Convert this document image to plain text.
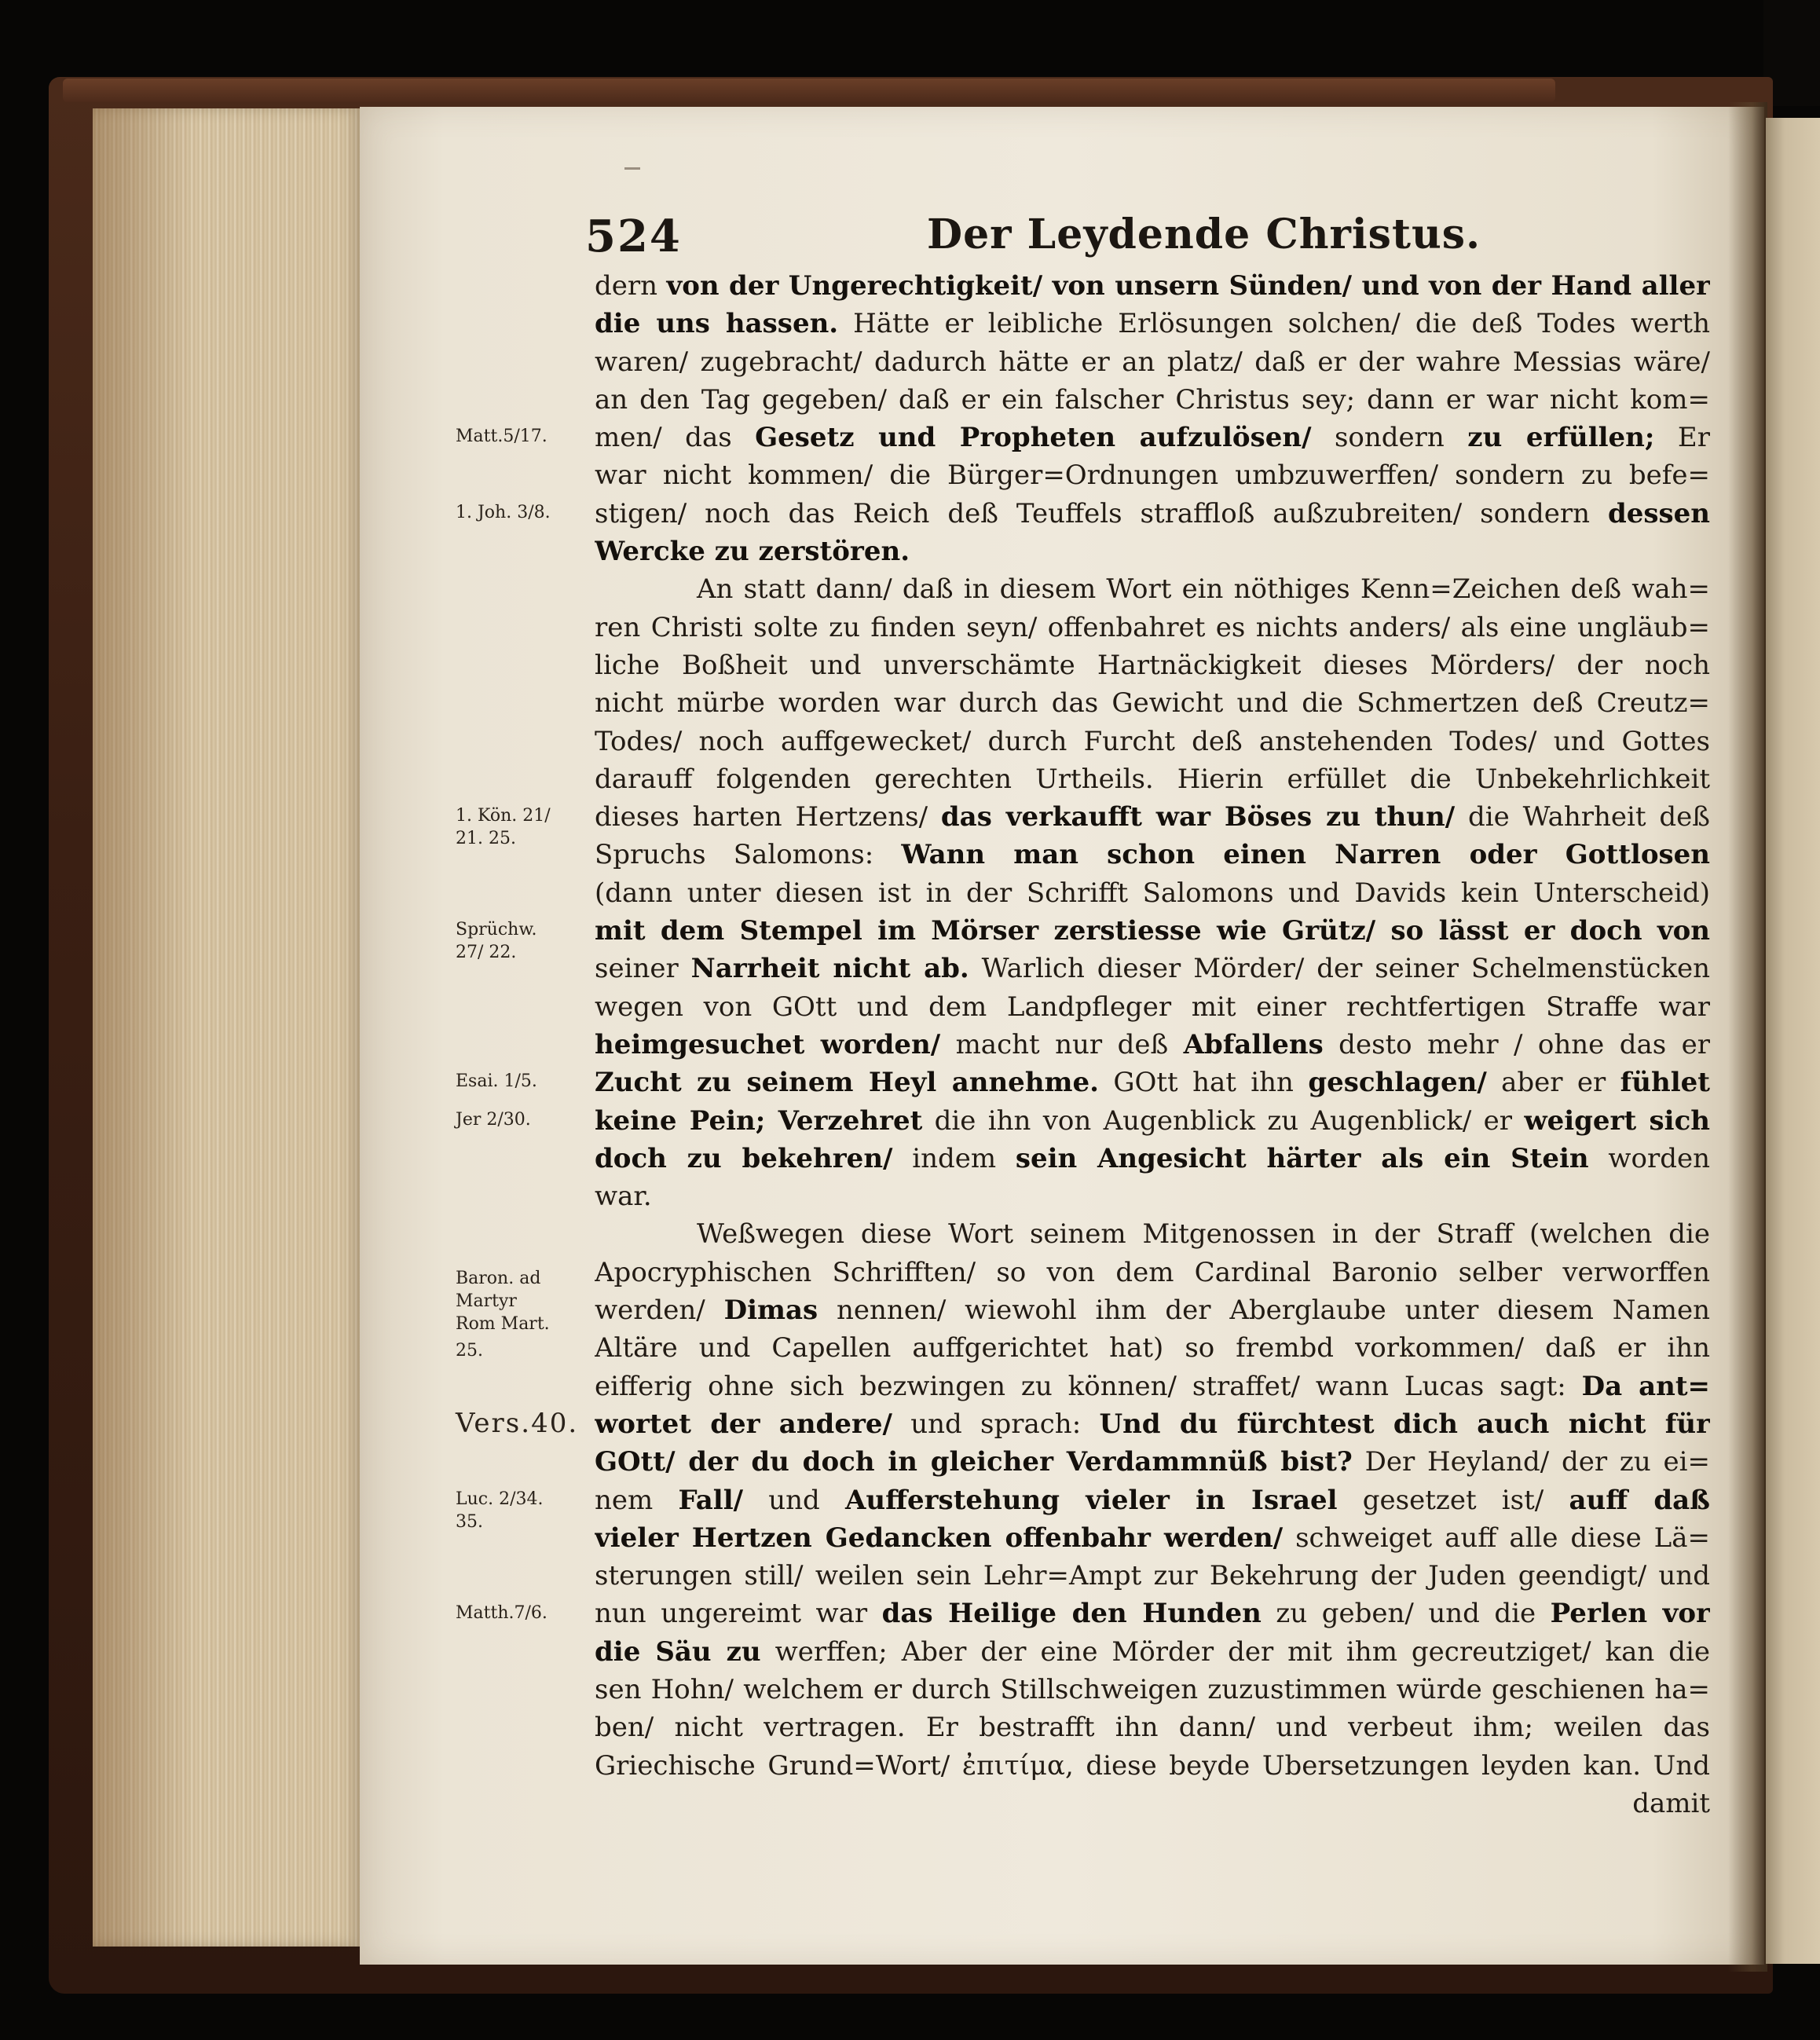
524	Der Leydende Christus.
dern von der Ungerechtigkeit/ von unsern Sünden/ und von der Hand aller
die uns hassen. Hätte er leibliche Erlösungen solchen/ die deß Todes werth
waren/ zugebracht/ dadurch hätte er an platz/ daß er der wahre Messias wäre/
an den Tag gegeben/ daß er ein falscher Christus sey; dann er war nicht kom=
men/ das Gesetz und Propheten aufzulösen/ sondern zu erfüllen; Er
war nicht kommen/ die Bürger=Ordnungen umbzuwerffen/ sondern zu befe=
stigen/ noch das Reich deß Teuffels straffloß außzubreiten/ sondern dessen
Wercke zu zerstören.
An statt dann/ daß in diesem Wort ein nöthiges Kenn=Zeichen deß wah=
ren Christi solte zu finden seyn/ offenbahret es nichts anders/ als eine ungläub=
liche Boßheit und unverschämte Hartnäckigkeit dieses Mörders/ der noch
nicht mürbe worden war durch das Gewicht und die Schmertzen deß Creutz=
Todes/ noch auffgewecket/ durch Furcht deß anstehenden Todes/ und Gottes
darauff folgenden gerechten Urtheils. Hierin erfüllet die Unbekehrlichkeit
dieses harten Hertzens/ das verkaufft war Böses zu thun/ die Wahrheit deß
Spruchs Salomons: Wann man schon einen Narren oder Gottlosen
(dann unter diesen ist in der Schrifft Salomons und Davids kein Unterscheid)
mit dem Stempel im Mörser zerstiesse wie Grütz/ so lässt er doch von
seiner Narrheit nicht ab. Warlich dieser Mörder/ der seiner Schelmenstücken
wegen von GOtt und dem Landpfleger mit einer rechtfertigen Straffe war
heimgesuchet worden/ macht nur deß Abfallens desto mehr / ohne das er
Zucht zu seinem Heyl annehme. GOtt hat ihn geschlagen/ aber er fühlet
keine Pein; Verzehret die ihn von Augenblick zu Augenblick/ er weigert sich
doch zu bekehren/ indem sein Angesicht härter als ein Stein worden
war.
Weßwegen diese Wort seinem Mitgenossen in der Straff (welchen die
Apocryphischen Schrifften/ so von dem Cardinal Baronio selber verworffen
werden/ Dimas nennen/ wiewohl ihm der Aberglaube unter diesem Namen
Altäre und Capellen auffgerichtet hat) so frembd vorkommen/ daß er ihn
eifferig ohne sich bezwingen zu können/ straffet/ wann Lucas sagt: Da ant=
wortet der andere/ und sprach: Und du fürchtest dich auch nicht für
GOtt/ der du doch in gleicher Verdammnüß bist? Der Heyland/ der zu ei=
nem Fall/ und Aufferstehung vieler in Israel gesetzet ist/ auff daß
vieler Hertzen Gedancken offenbahr werden/ schweiget auff alle diese Lä=
sterungen still/ weilen sein Lehr=Ampt zur Bekehrung der Juden geendigt/ und
nun ungereimt war das Heilige den Hunden zu geben/ und die Perlen vor
die Säu zu werffen; Aber der eine Mörder der mit ihm gecreutziget/ kan die
sen Hohn/ welchem er durch Stillschweigen zuzustimmen würde geschienen ha=
ben/ nicht vertragen. Er bestrafft ihn dann/ und verbeut ihm; weilen das
Griechische Grund=Wort/ ἐπιτίμα, diese beyde Ubersetzungen leyden kan. Und
damit
Matt.5/17.
1. Joh. 3/8.
1. Kön. 21/
21. 25.
Sprüchw.
27/ 22.
Esai. 1/5.
Jer 2/30.
Baron. ad
Martyr
Rom Mart.
25.
Vers.40.
Luc. 2/34.
35.
Matth.7/6.
